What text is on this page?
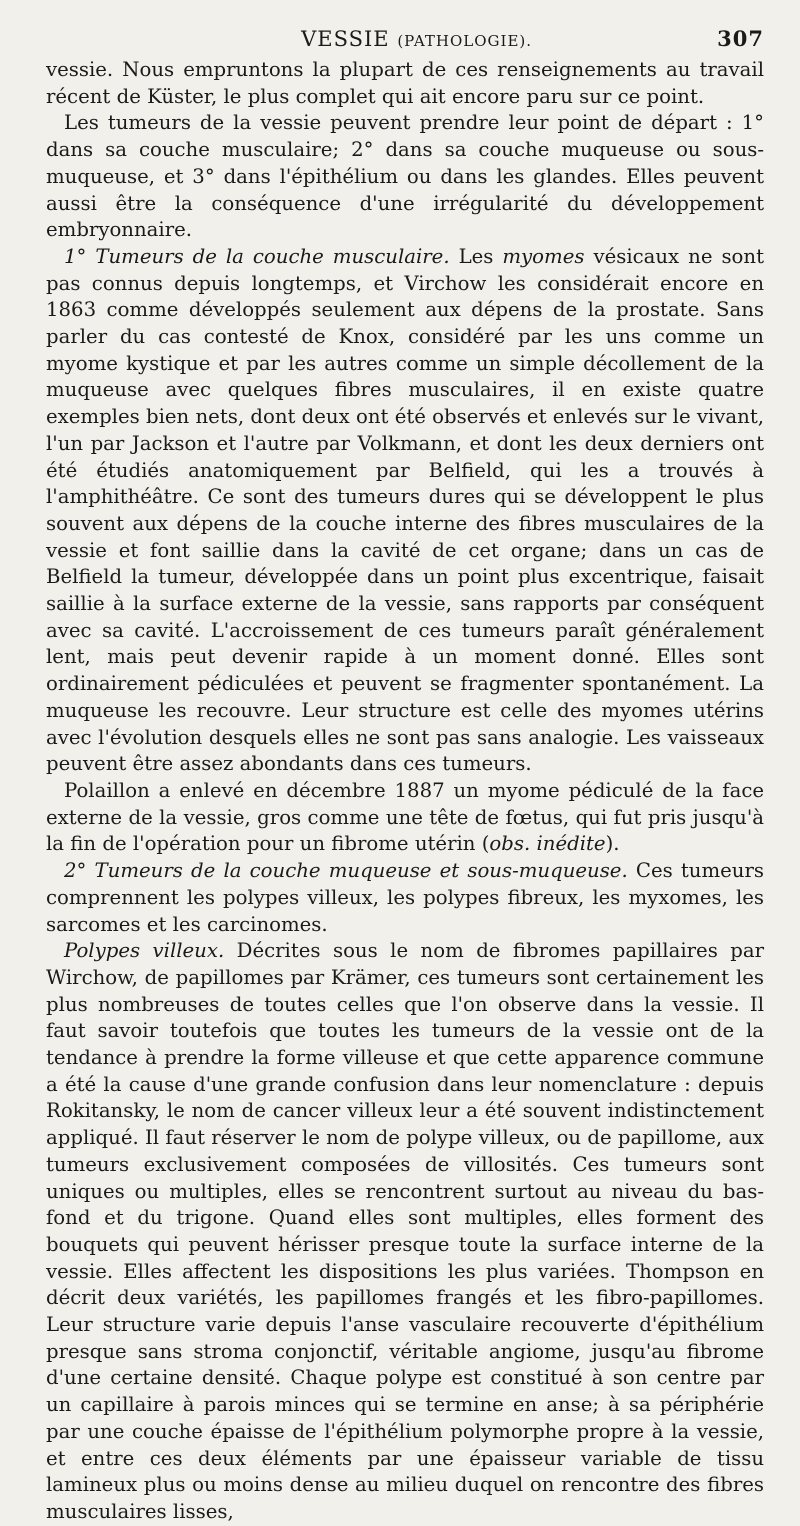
VESSIE (PATHOLOGIE).	307

vessie. Nous empruntons la plupart de ces renseignements au travail récent de Küster, le plus complet qui ait encore paru sur ce point.

Les tumeurs de la vessie peuvent prendre leur point de départ : 1° dans sa couche musculaire; 2° dans sa couche muqueuse ou sous-muqueuse, et 3° dans l'épithélium ou dans les glandes. Elles peuvent aussi être la conséquence d'une irrégularité du développement embryonnaire.

1° Tumeurs de la couche musculaire. Les myomes vésicaux ne sont pas connus depuis longtemps, et Virchow les considérait encore en 1863 comme développés seulement aux dépens de la prostate. Sans parler du cas contesté de Knox, considéré par les uns comme un myome kystique et par les autres comme un simple décollement de la muqueuse avec quelques fibres musculaires, il en existe quatre exemples bien nets, dont deux ont été observés et enlevés sur le vivant, l'un par Jackson et l'autre par Volkmann, et dont les deux derniers ont été étudiés anatomiquement par Belfield, qui les a trouvés à l'amphithéâtre. Ce sont des tumeurs dures qui se développent le plus souvent aux dépens de la couche interne des fibres musculaires de la vessie et font saillie dans la cavité de cet organe; dans un cas de Belfield la tumeur, développée dans un point plus excentrique, faisait saillie à la surface externe de la vessie, sans rapports par conséquent avec sa cavité. L'accroissement de ces tumeurs paraît généralement lent, mais peut devenir rapide à un moment donné. Elles sont ordinairement pédiculées et peuvent se fragmenter spontanément. La muqueuse les recouvre. Leur structure est celle des myomes utérins avec l'évolution desquels elles ne sont pas sans analogie. Les vaisseaux peuvent être assez abondants dans ces tumeurs.

Polaillon a enlevé en décembre 1887 un myome pédiculé de la face externe de la vessie, gros comme une tête de fœtus, qui fut pris jusqu'à la fin de l'opération pour un fibrome utérin (obs. inédite).

2° Tumeurs de la couche muqueuse et sous-muqueuse. Ces tumeurs comprennent les polypes villeux, les polypes fibreux, les myxomes, les sarcomes et les carcinomes.

Polypes villeux. Décrites sous le nom de fibromes papillaires par Wirchow, de papillomes par Krämer, ces tumeurs sont certainement les plus nombreuses de toutes celles que l'on observe dans la vessie. Il faut savoir toutefois que toutes les tumeurs de la vessie ont de la tendance à prendre la forme villeuse et que cette apparence commune a été la cause d'une grande confusion dans leur nomenclature : depuis Rokitansky, le nom de cancer villeux leur a été souvent indistinctement appliqué. Il faut réserver le nom de polype villeux, ou de papillome, aux tumeurs exclusivement composées de villosités. Ces tumeurs sont uniques ou multiples, elles se rencontrent surtout au niveau du bas-fond et du trigone. Quand elles sont multiples, elles forment des bouquets qui peuvent hérisser presque toute la surface interne de la vessie. Elles affectent les dispositions les plus variées. Thompson en décrit deux variétés, les papillomes frangés et les fibro-papillomes. Leur structure varie depuis l'anse vasculaire recouverte d'épithélium presque sans stroma conjonctif, véritable angiome, jusqu'au fibrome d'une certaine densité. Chaque polype est constitué à son centre par un capillaire à parois minces qui se termine en anse; à sa périphérie par une couche épaisse de l'épithélium polymorphe propre à la vessie, et entre ces deux éléments par une épaisseur variable de tissu lamineux plus ou moins dense au milieu duquel on rencontre des fibres musculaires lisses,
